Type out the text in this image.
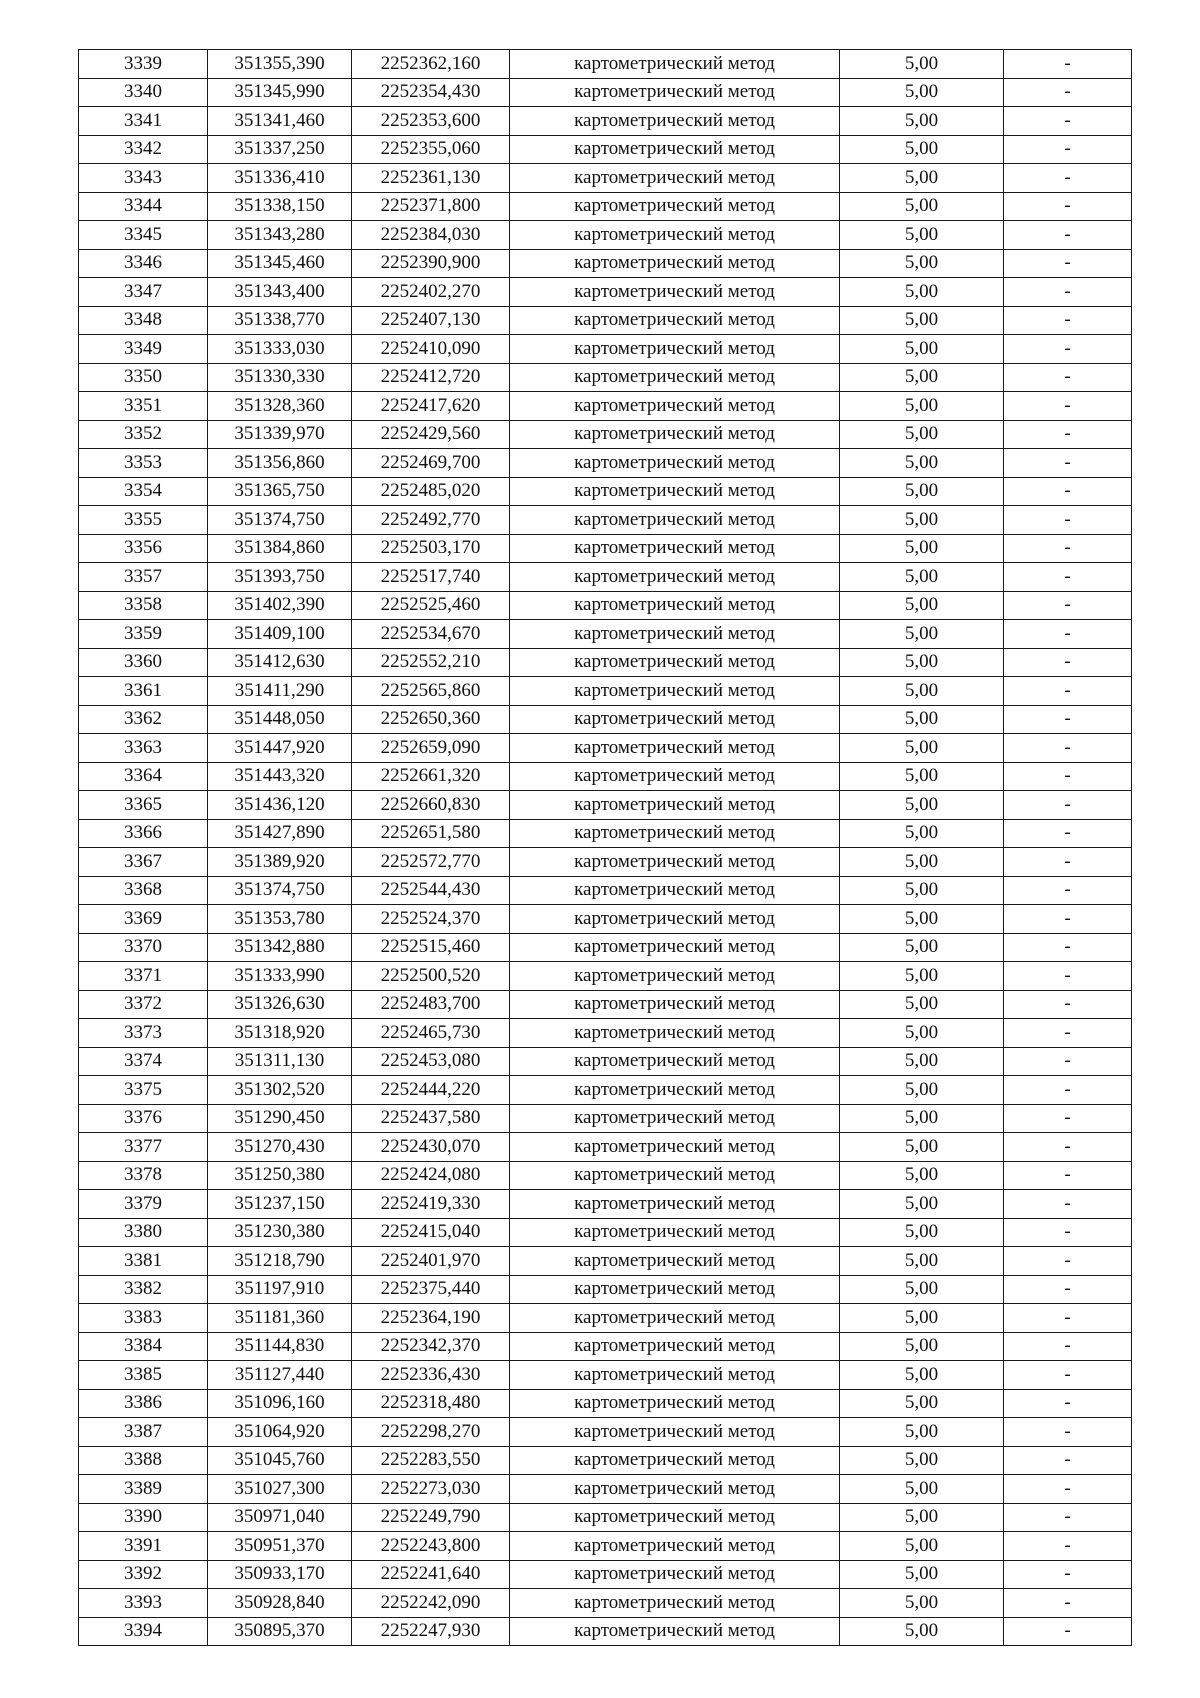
3339	351355,390	2252362,160	картометрический метод	5,00	-
3340	351345,990	2252354,430	картометрический метод	5,00	-
3341	351341,460	2252353,600	картометрический метод	5,00	-
3342	351337,250	2252355,060	картометрический метод	5,00	-
3343	351336,410	2252361,130	картометрический метод	5,00	-
3344	351338,150	2252371,800	картометрический метод	5,00	-
3345	351343,280	2252384,030	картометрический метод	5,00	-
3346	351345,460	2252390,900	картометрический метод	5,00	-
3347	351343,400	2252402,270	картометрический метод	5,00	-
3348	351338,770	2252407,130	картометрический метод	5,00	-
3349	351333,030	2252410,090	картометрический метод	5,00	-
3350	351330,330	2252412,720	картометрический метод	5,00	-
3351	351328,360	2252417,620	картометрический метод	5,00	-
3352	351339,970	2252429,560	картометрический метод	5,00	-
3353	351356,860	2252469,700	картометрический метод	5,00	-
3354	351365,750	2252485,020	картометрический метод	5,00	-
3355	351374,750	2252492,770	картометрический метод	5,00	-
3356	351384,860	2252503,170	картометрический метод	5,00	-
3357	351393,750	2252517,740	картометрический метод	5,00	-
3358	351402,390	2252525,460	картометрический метод	5,00	-
3359	351409,100	2252534,670	картометрический метод	5,00	-
3360	351412,630	2252552,210	картометрический метод	5,00	-
3361	351411,290	2252565,860	картометрический метод	5,00	-
3362	351448,050	2252650,360	картометрический метод	5,00	-
3363	351447,920	2252659,090	картометрический метод	5,00	-
3364	351443,320	2252661,320	картометрический метод	5,00	-
3365	351436,120	2252660,830	картометрический метод	5,00	-
3366	351427,890	2252651,580	картометрический метод	5,00	-
3367	351389,920	2252572,770	картометрический метод	5,00	-
3368	351374,750	2252544,430	картометрический метод	5,00	-
3369	351353,780	2252524,370	картометрический метод	5,00	-
3370	351342,880	2252515,460	картометрический метод	5,00	-
3371	351333,990	2252500,520	картометрический метод	5,00	-
3372	351326,630	2252483,700	картометрический метод	5,00	-
3373	351318,920	2252465,730	картометрический метод	5,00	-
3374	351311,130	2252453,080	картометрический метод	5,00	-
3375	351302,520	2252444,220	картометрический метод	5,00	-
3376	351290,450	2252437,580	картометрический метод	5,00	-
3377	351270,430	2252430,070	картометрический метод	5,00	-
3378	351250,380	2252424,080	картометрический метод	5,00	-
3379	351237,150	2252419,330	картометрический метод	5,00	-
3380	351230,380	2252415,040	картометрический метод	5,00	-
3381	351218,790	2252401,970	картометрический метод	5,00	-
3382	351197,910	2252375,440	картометрический метод	5,00	-
3383	351181,360	2252364,190	картометрический метод	5,00	-
3384	351144,830	2252342,370	картометрический метод	5,00	-
3385	351127,440	2252336,430	картометрический метод	5,00	-
3386	351096,160	2252318,480	картометрический метод	5,00	-
3387	351064,920	2252298,270	картометрический метод	5,00	-
3388	351045,760	2252283,550	картометрический метод	5,00	-
3389	351027,300	2252273,030	картометрический метод	5,00	-
3390	350971,040	2252249,790	картометрический метод	5,00	-
3391	350951,370	2252243,800	картометрический метод	5,00	-
3392	350933,170	2252241,640	картометрический метод	5,00	-
3393	350928,840	2252242,090	картометрический метод	5,00	-
3394	350895,370	2252247,930	картометрический метод	5,00	-
